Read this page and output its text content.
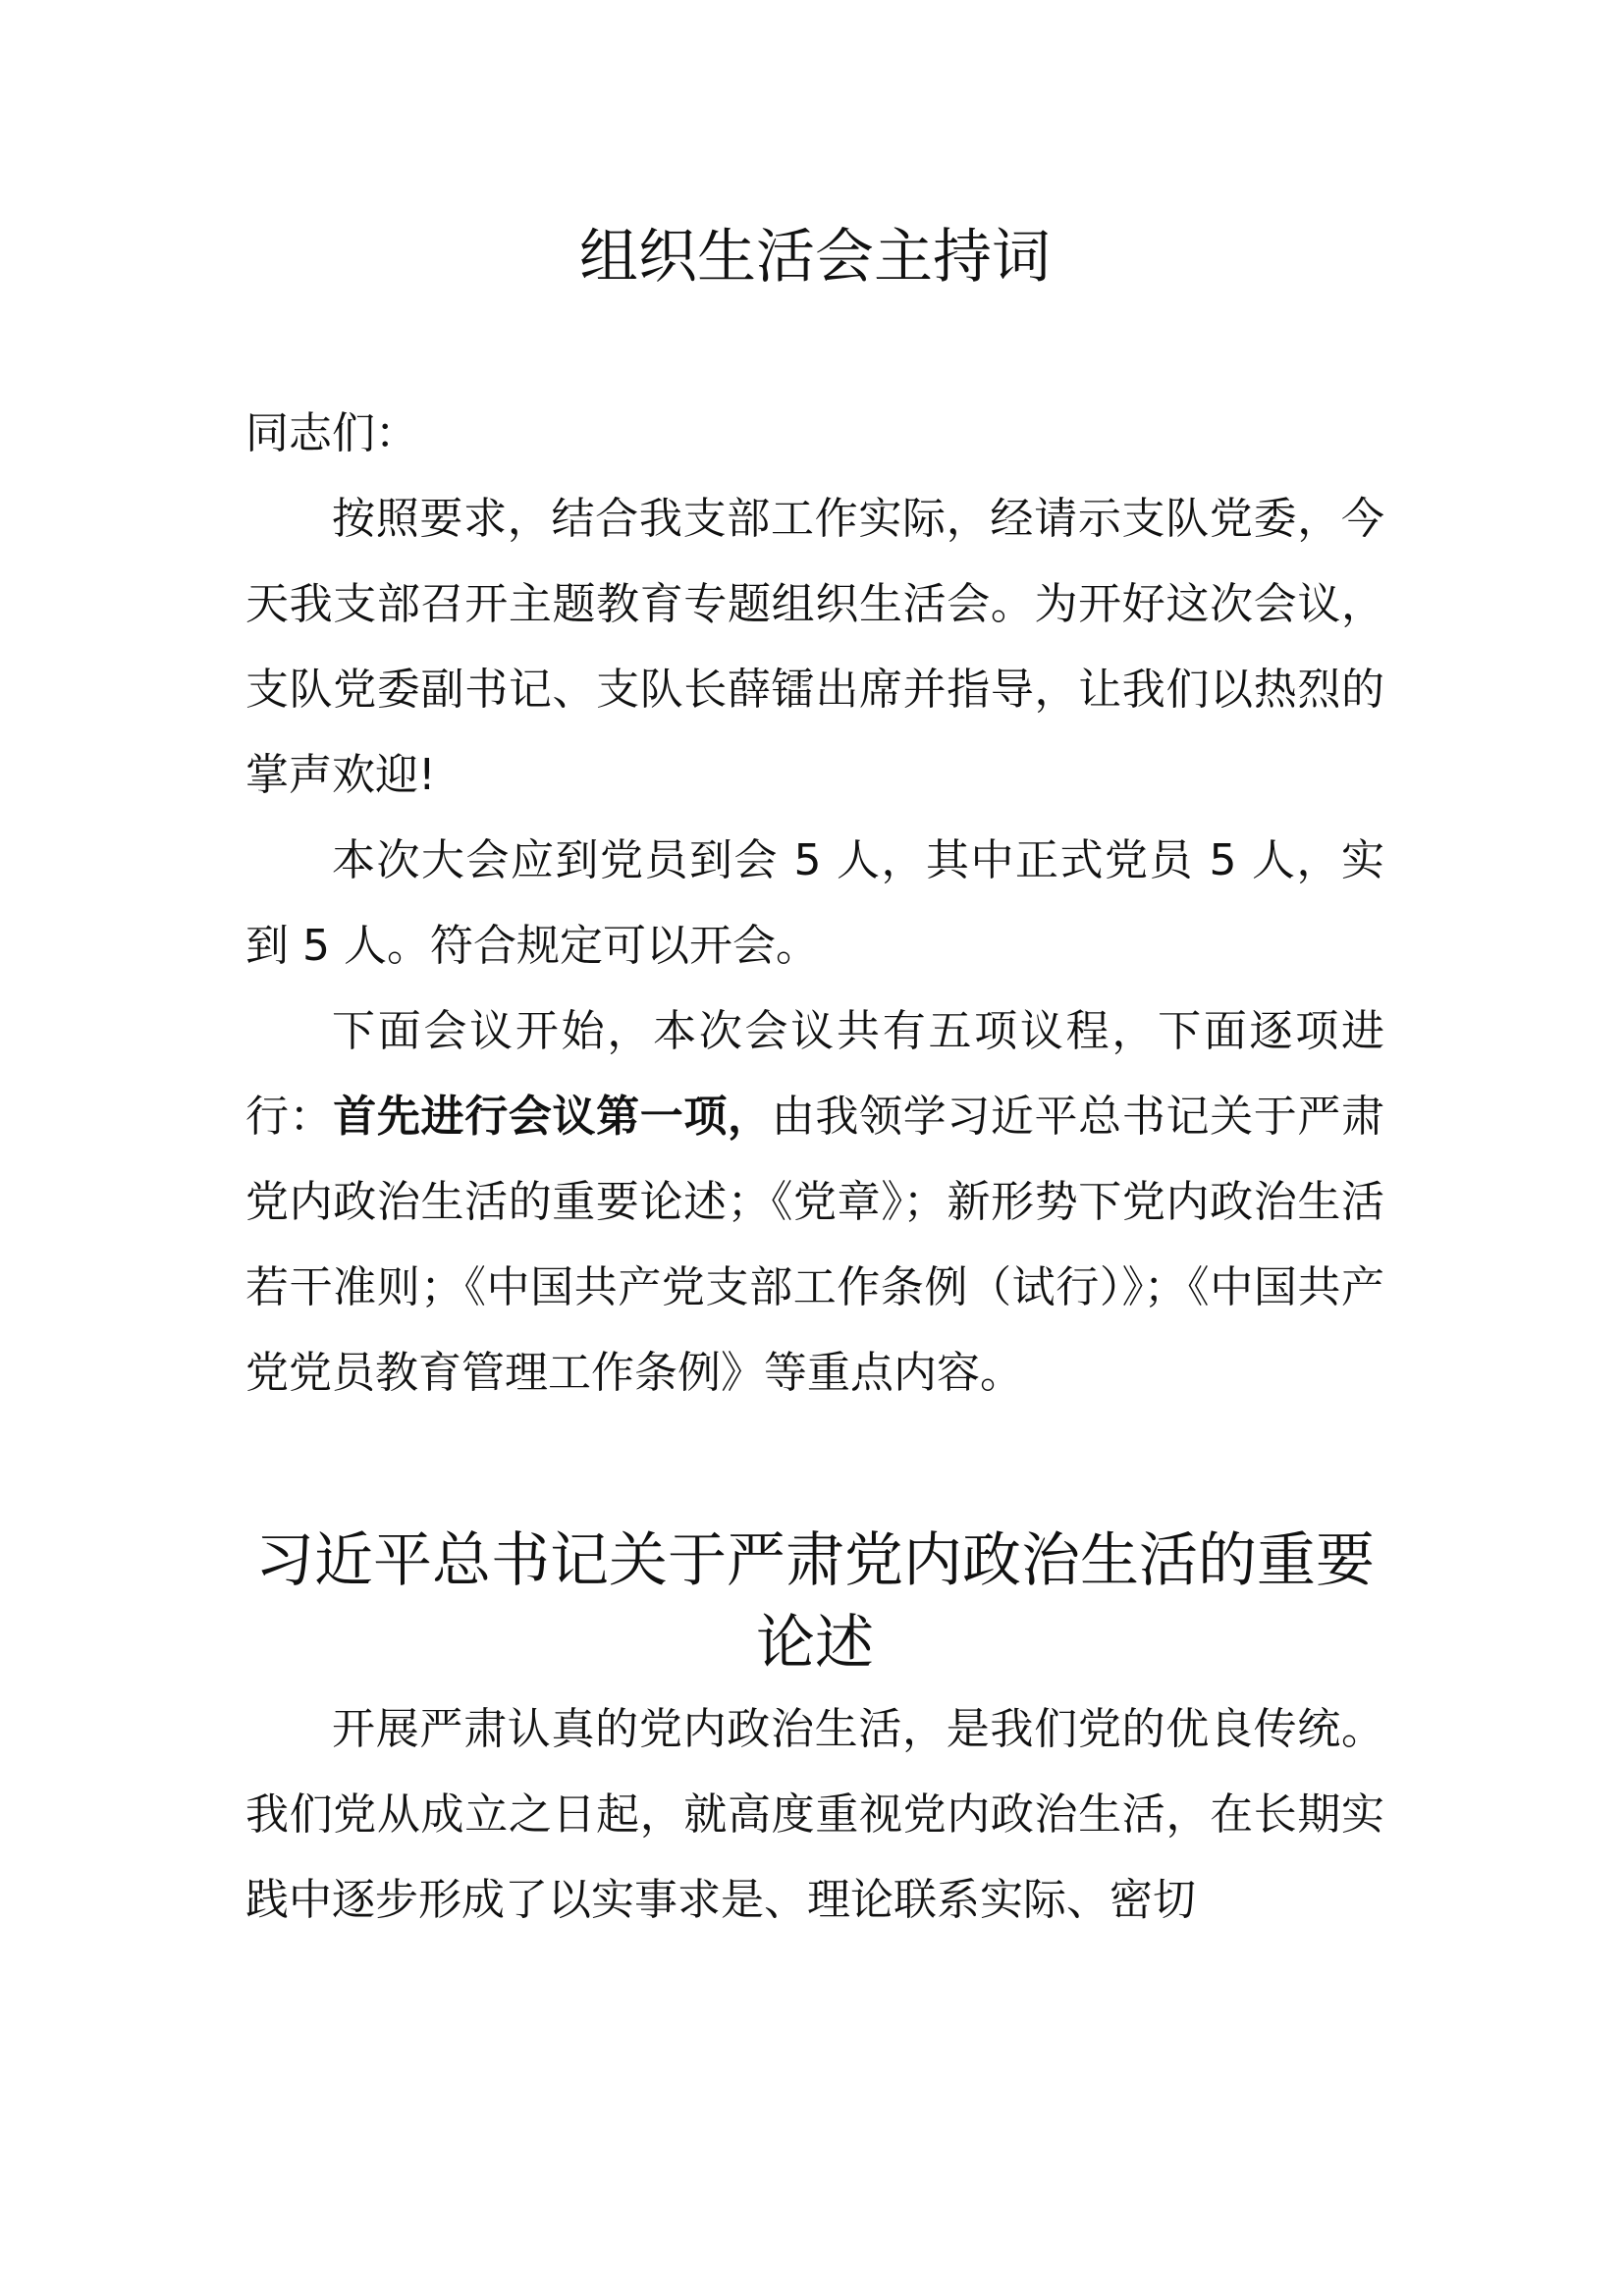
组织生活会主持词

同志们：

按照要求，结合我支部工作实际，经请示支队党委，今天我支部召开主题教育专题组织生活会。为开好这次会议，支队党委副书记、支队长薛镭出席并指导，让我们以热烈的掌声欢迎!

本次大会应到党员到会 5 人，其中正式党员 5 人，实到 5 人。符合规定可以开会。

下面会议开始，本次会议共有五项议程，下面逐项进行：首先进行会议第一项，由我领学习近平总书记关于严肃党内政治生活的重要论述；《党章》；新形势下党内政治生活若干准则；《中国共产党支部工作条例（试行）》；《中国共产党党员教育管理工作条例》等重点内容。

习近平总书记关于严肃党内政治生活的重要论述

开展严肃认真的党内政治生活，是我们党的优良传统。我们党从成立之日起，就高度重视党内政治生活，在长期实践中逐步形成了以实事求是、理论联系实际、密切
